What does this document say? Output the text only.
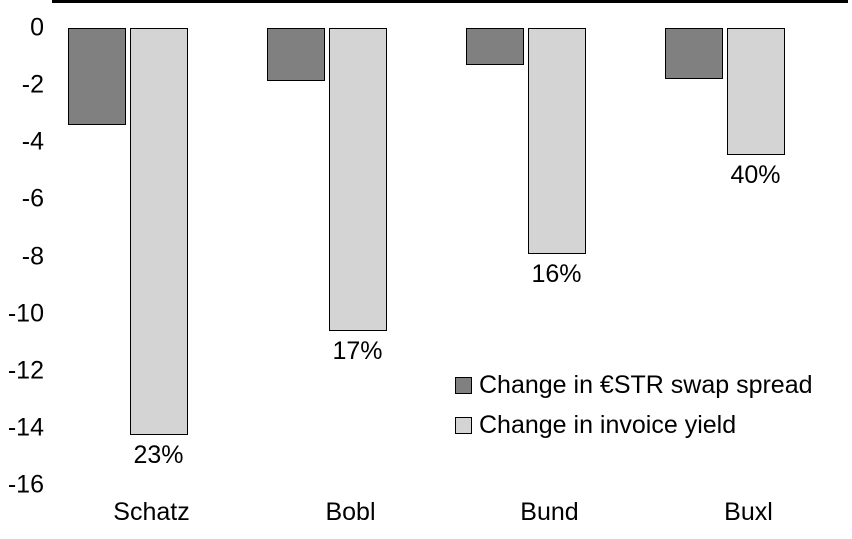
0
-2
-4
-6
-8
-10
-12
-14
-16
23%
Schatz
17%
Bobl
16%
Bund
40%
Buxl
Change in €STR swap spread
Change in invoice yield
